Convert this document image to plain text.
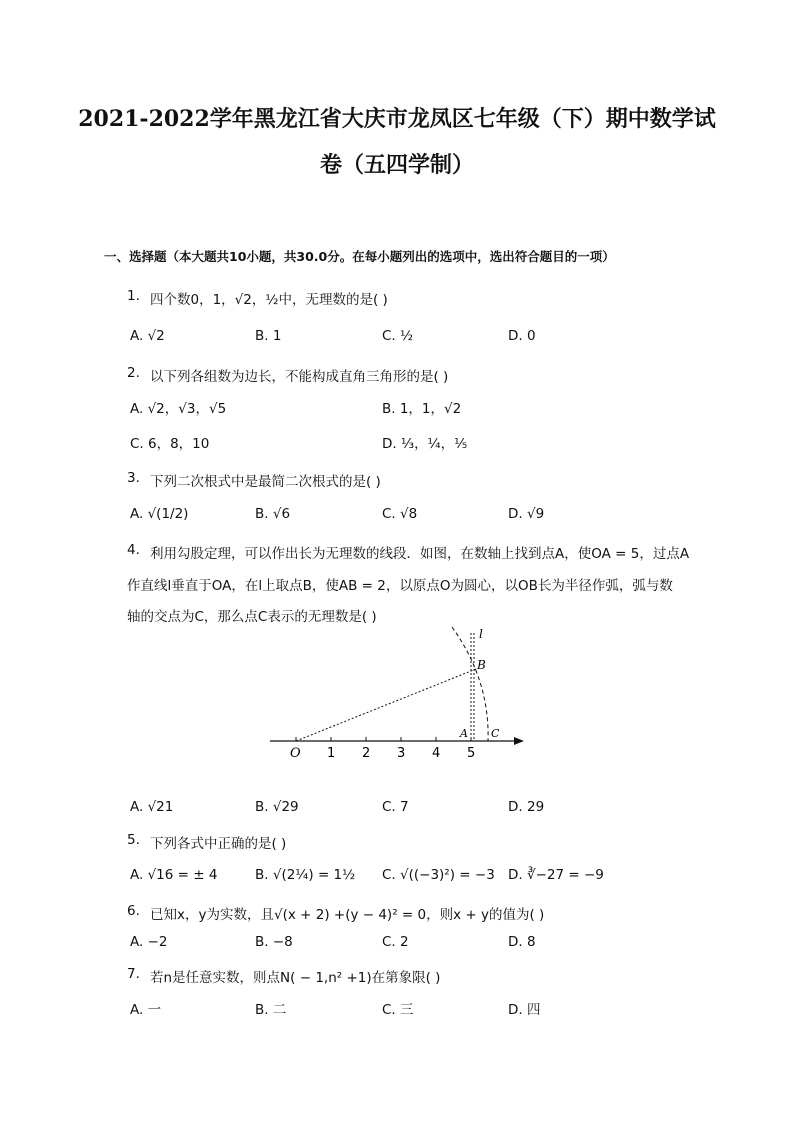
2021-2022学年黑龙江省大庆市龙凤区七年级（下）期中数学试
卷（五四学制）
一、选择题（本大题共10小题，共30.0分。在每小题列出的选项中，选出符合题目的一项）
1. 四个数0，1，√2，½中，无理数的是( )
A. √2	B. 1	C. ½	D. 0
2. 以下列各组数为边长，不能构成直角三角形的是( )
A. √2，√3，√5	B. 1，1，√2
C. 6，8，10	D. ⅓，¼，⅕
3. 下列二次根式中是最简二次根式的是( )
A. √(1/2)	B. √6	C. √8	D. √9
4. 利用勾股定理，可以作出长为无理数的线段．如图，在数轴上找到点A，使OA = 5，过点A
作直线l垂直于OA，在l上取点B，使AB = 2，以原点O为圆心，以OB长为半径作弧，弧与数
轴的交点为C，那么点C表示的无理数是( )
O 1 2 3 4 5
A
B
C
l
A. √21	B. √29	C. 7	D. 29
5. 下列各式中正确的是( )
A. √16 = ± 4	B. √(2¼) = 1½ C. √((−3)²) = −3 D. ∛−27 = −9
6. 已知x，y为实数，且√(x + 2) +(y − 4)² = 0，则x + y的值为( )
A. −2	B. −8	C. 2	D. 8
7. 若n是任意实数，则点N( − 1,n² +1)在第象限( )
A. 一	B. 二	C. 三	D. 四
